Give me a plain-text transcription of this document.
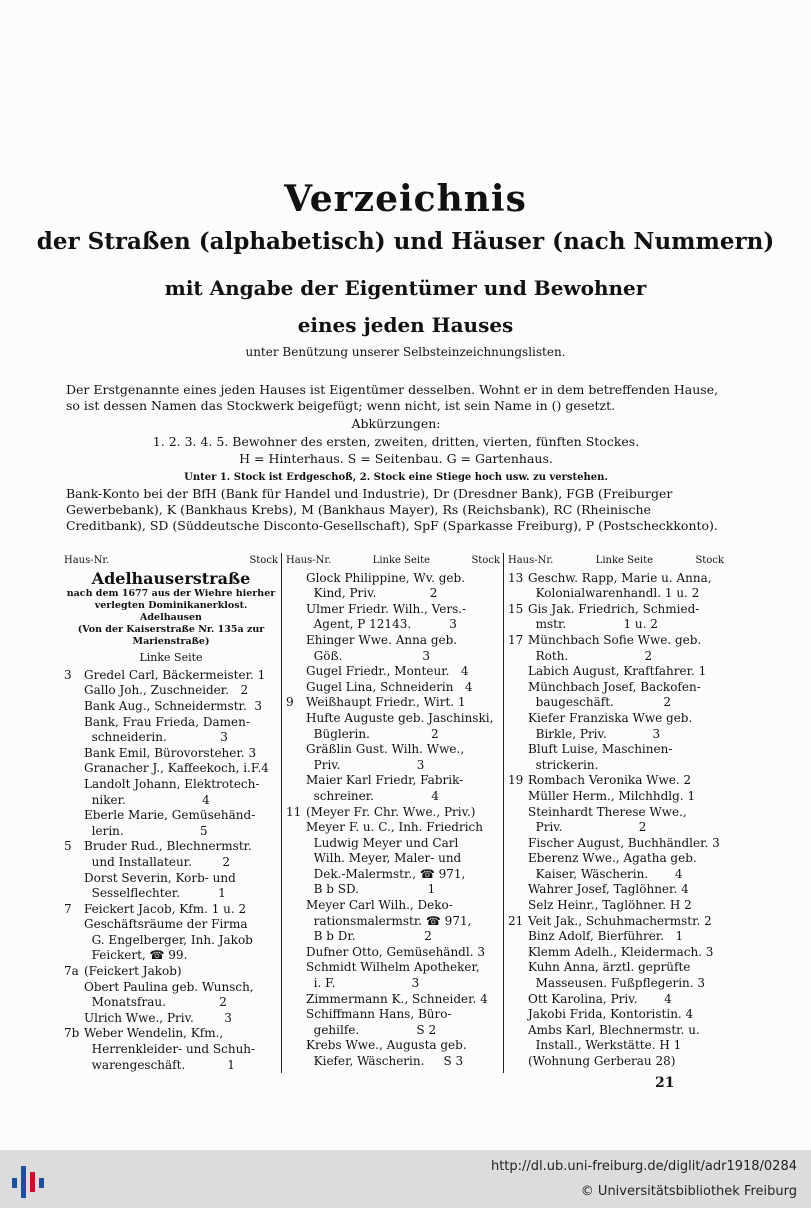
Verzeichnis
der Straßen (alphabetisch) und Häuser (nach Nummern)
mit Angabe der Eigentümer und Bewohner
eines jeden Hauses
unter Benützung unserer Selbsteinzeichnungslisten.

Der Erstgenannte eines jeden Hauses ist Eigentümer desselben. Wohnt er in dem betreffenden Hause, so ist dessen Namen das Stockwerk beigefügt; wenn nicht, ist sein Name in () gesetzt.

Abkürzungen:
1. 2. 3. 4. 5. Bewohner des ersten, zweiten, dritten, vierten, fünften Stockes.
H = Hinterhaus. S = Seitenbau. G = Gartenhaus.
Unter 1. Stock ist Erdgeschoß, 2. Stock eine Stiege hoch usw. zu verstehen.
Bank-Konto bei der BfH (Bank für Handel und Industrie), Dr (Dresdner Bank), FGB (Freiburger Gewerbebank), K (Bankhaus Krebs), M (Bankhaus Mayer), Rs (Reichsbank), RC (Rheinische Creditbank), SD (Süddeutsche Disconto-Gesellschaft), SpF (Sparkasse Freiburg), P (Postscheckkonto).
Haus-Nr.	Stock
Adelhauserstraße
nach dem 1677 aus der Wiehre hierher verlegten Dominikanerklost. Adelhausen
(Von der Kaiserstraße Nr. 135a zur Marienstraße)
Linke Seite
3	Gredel Carl, Bäckermeister. 1
Gallo Joh., Zuschneider.   2
Bank Aug., Schneidermstr.  3
Bank, Frau Frieda, Damen-
schneiderin.              3
Bank Emil, Bürovorsteher. 3
Granacher J., Kaffeekoch, i.F.4
Landolt Johann, Elektrotech-
niker.                    4
Eberle Marie, Gemüsehänd-
lerin.                    5
5	Bruder Rud., Blechnermstr.
und Installateur.        2
Dorst Severin, Korb- und
Sesselflechter.          1
7	Feickert Jacob, Kfm. 1 u. 2
Geschäftsräume der Firma
G. Engelberger, Inh. Jakob
Feickert, ☎ 99.
7a (Feickert Jakob)
Obert Paulina geb. Wunsch,
Monatsfrau.              2
Ulrich Wwe., Priv.        3
7b Weber Wendelin, Kfm.,
Herrenkleider- und Schuh-
warengeschäft.           1
Haus-Nr.	Linke Seite	Stock
Glock Philippine, Wv. geb.
Kind, Priv.              2
Ulmer Friedr. Wilh., Vers.-
Agent, P 12143.          3
Ehinger Wwe. Anna geb.
Göß.                     3
Gugel Friedr., Monteur.   4
Gugel Lina, Schneiderin   4
9	Weißhaupt Friedr., Wirt. 1
Hufte Auguste geb. Jaschinski,
Büglerin.                2
Gräßlin Gust. Wilh. Wwe.,
Priv.                    3
Maier Karl Friedr, Fabrik-
schreiner.               4
11 (Meyer Fr. Chr. Wwe., Priv.)
Meyer F. u. C., Inh. Friedrich
Ludwig Meyer und Carl
Wilh. Meyer, Maler- und
Dek.-Malermstr., ☎ 971,
B b SD.                  1
Meyer Carl Wilh., Deko-
rationsmalermstr. ☎ 971,
B b Dr.                  2
Dufner Otto, Gemüsehändl. 3
Schmidt Wilhelm Apotheker,
i. F.                    3
Zimmermann K., Schneider. 4
Schiffmann Hans, Büro-
gehilfe.               S 2
Krebs Wwe., Augusta geb.
Kiefer, Wäscherin.     S 3
Haus-Nr.	Linke Seite	Stock
13 Geschw. Rapp, Marie u. Anna,
Kolonialwarenhandl. 1 u. 2
15 Gis Jak. Friedrich, Schmied-
mstr.               1 u. 2
17 Münchbach Sofie Wwe. geb.
Roth.                    2
Labich August, Kraftfahrer. 1
Münchbach Josef, Backofen-
baugeschäft.             2
Kiefer Franziska Wwe geb.
Birkle, Priv.            3
Bluft Luise, Maschinen-
strickerin.
19 Rombach Veronika Wwe. 2
Müller Herm., Milchhdlg. 1
Steinhardt Therese Wwe.,
Priv.                    2
Fischer August, Buchhändler. 3
Eberenz Wwe., Agatha geb.
Kaiser, Wäscherin.       4
Wahrer Josef, Taglöhner. 4
Selz Heinr., Taglöhner. H 2
21 Veit Jak., Schuhmachermstr. 2
Binz Adolf, Bierführer.   1
Klemm Adelh., Kleidermach. 3
Kuhn Anna, ärztl. geprüfte
Masseusen. Fußpflegerin. 3
Ott Karolina, Priv.       4
Jakobi Frida, Kontoristin. 4
Ambs Karl, Blechnermstr. u.
Install., Werkstätte. H 1
(Wohnung Gerberau 28)
21
http://dl.ub.uni-freiburg.de/diglit/adr1918/0284
© Universitätsbibliothek Freiburg
